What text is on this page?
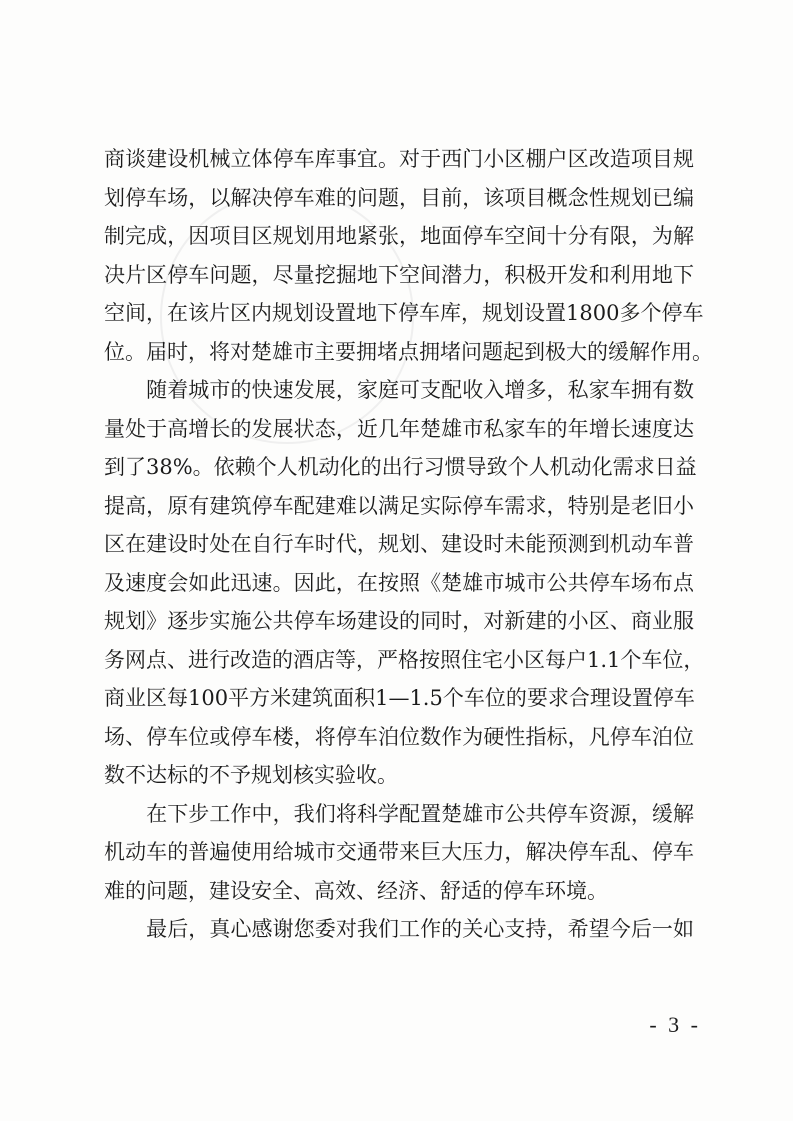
商谈建设机械立体停车库事宜。对于西门小区棚户区改造项目规
划停车场，以解决停车难的问题，目前，该项目概念性规划已编
制完成，因项目区规划用地紧张，地面停车空间十分有限，为解
决片区停车问题，尽量挖掘地下空间潜力，积极开发和利用地下
空间，在该片区内规划设置地下停车库，规划设置1800多个停车
位。届时，将对楚雄市主要拥堵点拥堵问题起到极大的缓解作用。
　　随着城市的快速发展，家庭可支配收入增多，私家车拥有数
量处于高增长的发展状态，近几年楚雄市私家车的年增长速度达
到了38%。依赖个人机动化的出行习惯导致个人机动化需求日益
提高，原有建筑停车配建难以满足实际停车需求，特别是老旧小
区在建设时处在自行车时代，规划、建设时未能预测到机动车普
及速度会如此迅速。因此，在按照《楚雄市城市公共停车场布点
规划》逐步实施公共停车场建设的同时，对新建的小区、商业服
务网点、进行改造的酒店等，严格按照住宅小区每户1.1个车位，
商业区每100平方米建筑面积1—1.5个车位的要求合理设置停车
场、停车位或停车楼，将停车泊位数作为硬性指标，凡停车泊位
数不达标的不予规划核实验收。
　　在下步工作中，我们将科学配置楚雄市公共停车资源，缓解
机动车的普遍使用给城市交通带来巨大压力，解决停车乱、停车
难的问题，建设安全、高效、经济、舒适的停车环境。
　　最后，真心感谢您委对我们工作的关心支持，希望今后一如
- 3 -
